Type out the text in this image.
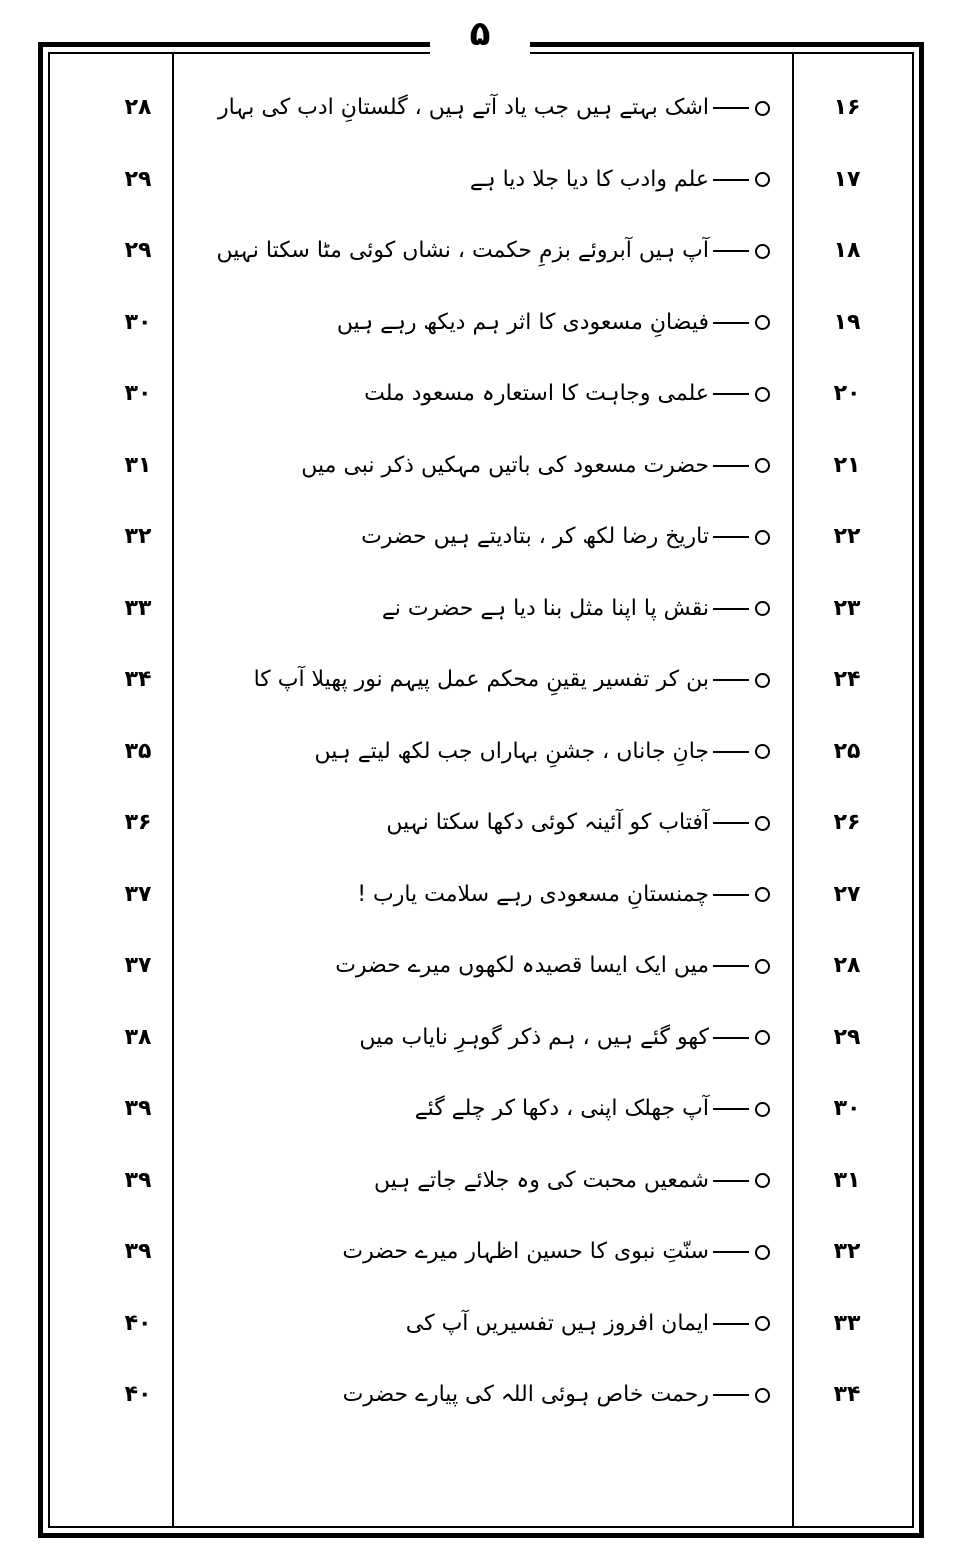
۵
۲۸	اشک بہتے ہیں جب یاد آتے ہیں ، گلستانِ ادب کی بہار	۱۶
۲۹	علم وادب کا دیا جلا دیا ہے	۱۷
۲۹	آپ ہیں آبروئے بزمِ حکمت ، نشاں کوئی مٹا سکتا نہیں	۱۸
۳۰	فیضانِ مسعودی کا اثر ہم دیکھ رہے ہیں	۱۹
۳۰	علمی وجاہت کا استعارہ مسعود ملت	۲۰
۳۱	حضرت مسعود کی باتیں مہکیں ذکر نبی میں	۲۱
۳۲	تاریخ رضا لکھ کر ، بتادیتے ہیں حضرت	۲۲
۳۳	نقش پا اپنا مثل بنا دیا ہے حضرت نے	۲۳
۳۴	بن کر تفسیر یقینِ محکم عمل پیہم نور پھیلا آپ کا	۲۴
۳۵	جانِ جاناں ، جشنِ بہاراں جب لکھ لیتے ہیں	۲۵
۳۶	آفتاب کو آئینہ کوئی دکھا سکتا نہیں	۲۶
۳۷	چمنستانِ مسعودی رہے سلامت یارب !	۲۷
۳۷	میں ایک ایسا قصیدہ لکھوں میرے حضرت	۲۸
۳۸	کھو گئے ہیں ، ہم ذکر گوہرِ نایاب میں	۲۹
۳۹	آپ جھلک اپنی ، دکھا کر چلے گئے	۳۰
۳۹	شمعیں محبت کی وہ جلائے جاتے ہیں	۳۱
۳۹	سنّتِ نبوی کا حسین اظہار میرے حضرت	۳۲
۴۰	ایمان افروز ہیں تفسیریں آپ کی	۳۳
۴۰	رحمت خاص ہوئی اللہ کی پیارے حضرت	۳۴
